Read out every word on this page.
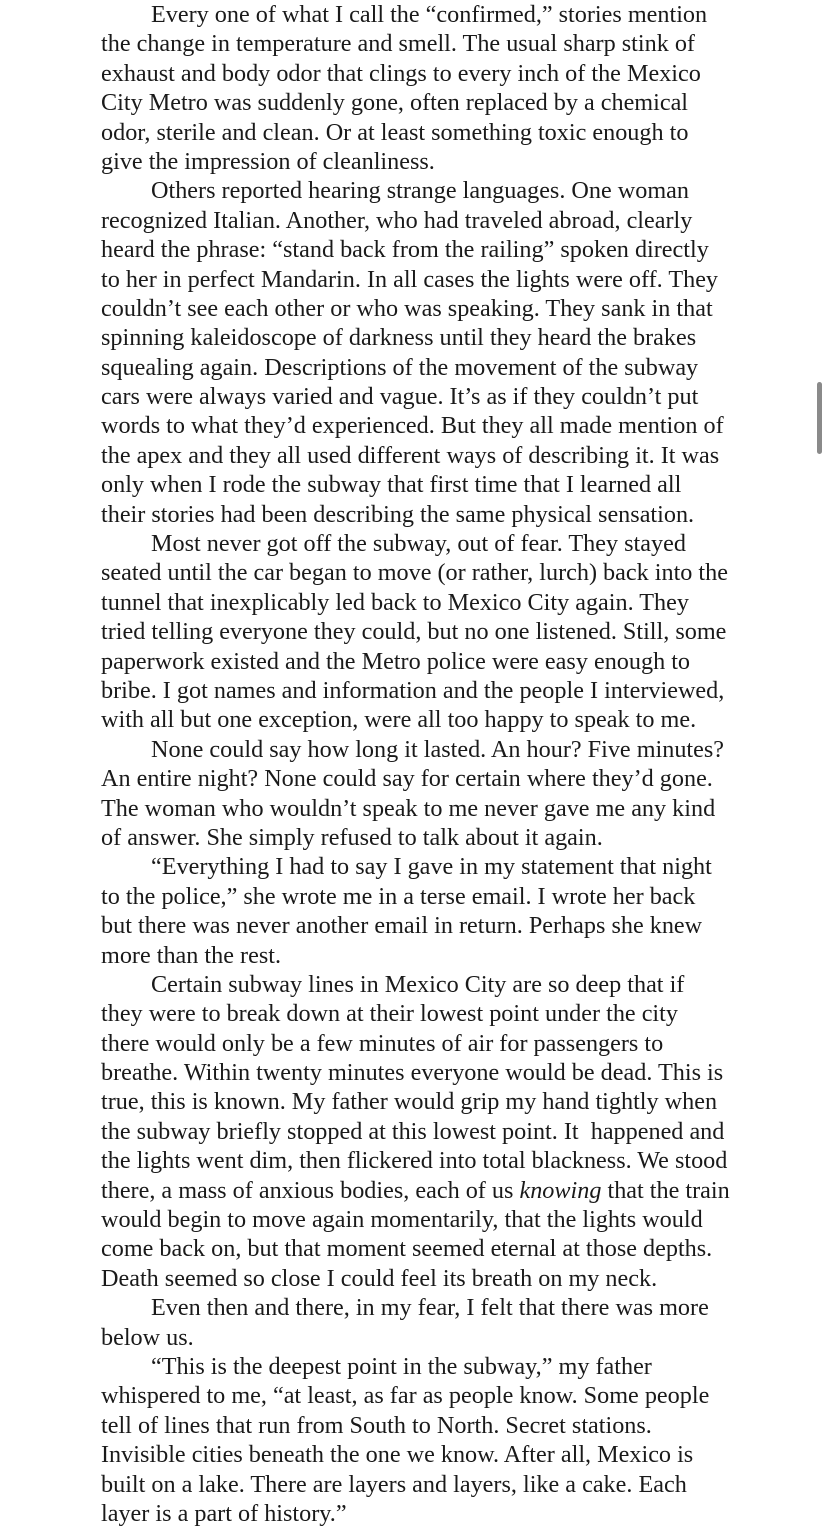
Every one of what I call the “confirmed,” stories mention
the change in temperature and smell. The usual sharp stink of
exhaust and body odor that clings to every inch of the Mexico
City Metro was suddenly gone, often replaced by a chemical
odor, sterile and clean. Or at least something toxic enough to
give the impression of cleanliness.
Others reported hearing strange languages. One woman
recognized Italian. Another, who had traveled abroad, clearly
heard the phrase: “stand back from the railing” spoken directly
to her in perfect Mandarin. In all cases the lights were off. They
couldn’t see each other or who was speaking. They sank in that
spinning kaleidoscope of darkness until they heard the brakes
squealing again. Descriptions of the movement of the subway
cars were always varied and vague. It’s as if they couldn’t put
words to what they’d experienced. But they all made mention of
the apex and they all used different ways of describing it. It was
only when I rode the subway that first time that I learned all
their stories had been describing the same physical sensation.
Most never got off the subway, out of fear. They stayed
seated until the car began to move (or rather, lurch) back into the
tunnel that inexplicably led back to Mexico City again. They
tried telling everyone they could, but no one listened. Still, some
paperwork existed and the Metro police were easy enough to
bribe. I got names and information and the people I interviewed,
with all but one exception, were all too happy to speak to me.
None could say how long it lasted. An hour? Five minutes?
An entire night? None could say for certain where they’d gone.
The woman who wouldn’t speak to me never gave me any kind
of answer. She simply refused to talk about it again.
“Everything I had to say I gave in my statement that night
to the police,” she wrote me in a terse email. I wrote her back
but there was never another email in return. Perhaps she knew
more than the rest.
Certain subway lines in Mexico City are so deep that if
they were to break down at their lowest point under the city
there would only be a few minutes of air for passengers to
breathe. Within twenty minutes everyone would be dead. This is
true, this is known. My father would grip my hand tightly when
the subway briefly stopped at this lowest point. It  happened and
the lights went dim, then flickered into total blackness. We stood
there, a mass of anxious bodies, each of us knowing that the train
would begin to move again momentarily, that the lights would
come back on, but that moment seemed eternal at those depths.
Death seemed so close I could feel its breath on my neck.
Even then and there, in my fear, I felt that there was more
below us.
“This is the deepest point in the subway,” my father
whispered to me, “at least, as far as people know. Some people
tell of lines that run from South to North. Secret stations.
Invisible cities beneath the one we know. After all, Mexico is
built on a lake. There are layers and layers, like a cake. Each
layer is a part of history.”
